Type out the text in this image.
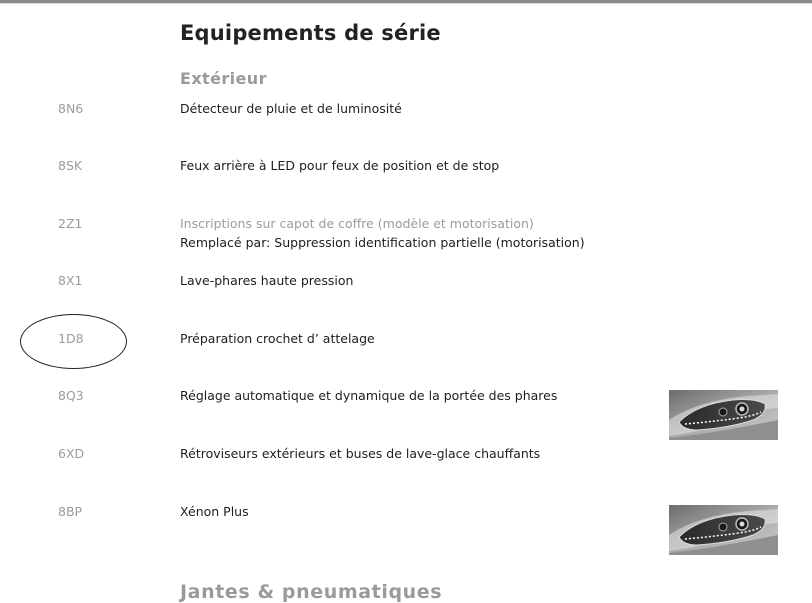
Equipements de série
Extérieur
8N6	Détecteur de pluie et de luminosité
8SK	Feux arrière à LED pour feux de position et de stop
2Z1	Inscriptions sur capot de coffre (modèle et motorisation)
Remplacé par: Suppression identification partielle (motorisation)
8X1	Lave-phares haute pression
1D8	Préparation crochet d’ attelage
8Q3	Réglage automatique et dynamique de la portée des phares
6XD	Rétroviseurs extérieurs et buses de lave-glace chauffants
8BP	Xénon Plus
Jantes & pneumatiques
